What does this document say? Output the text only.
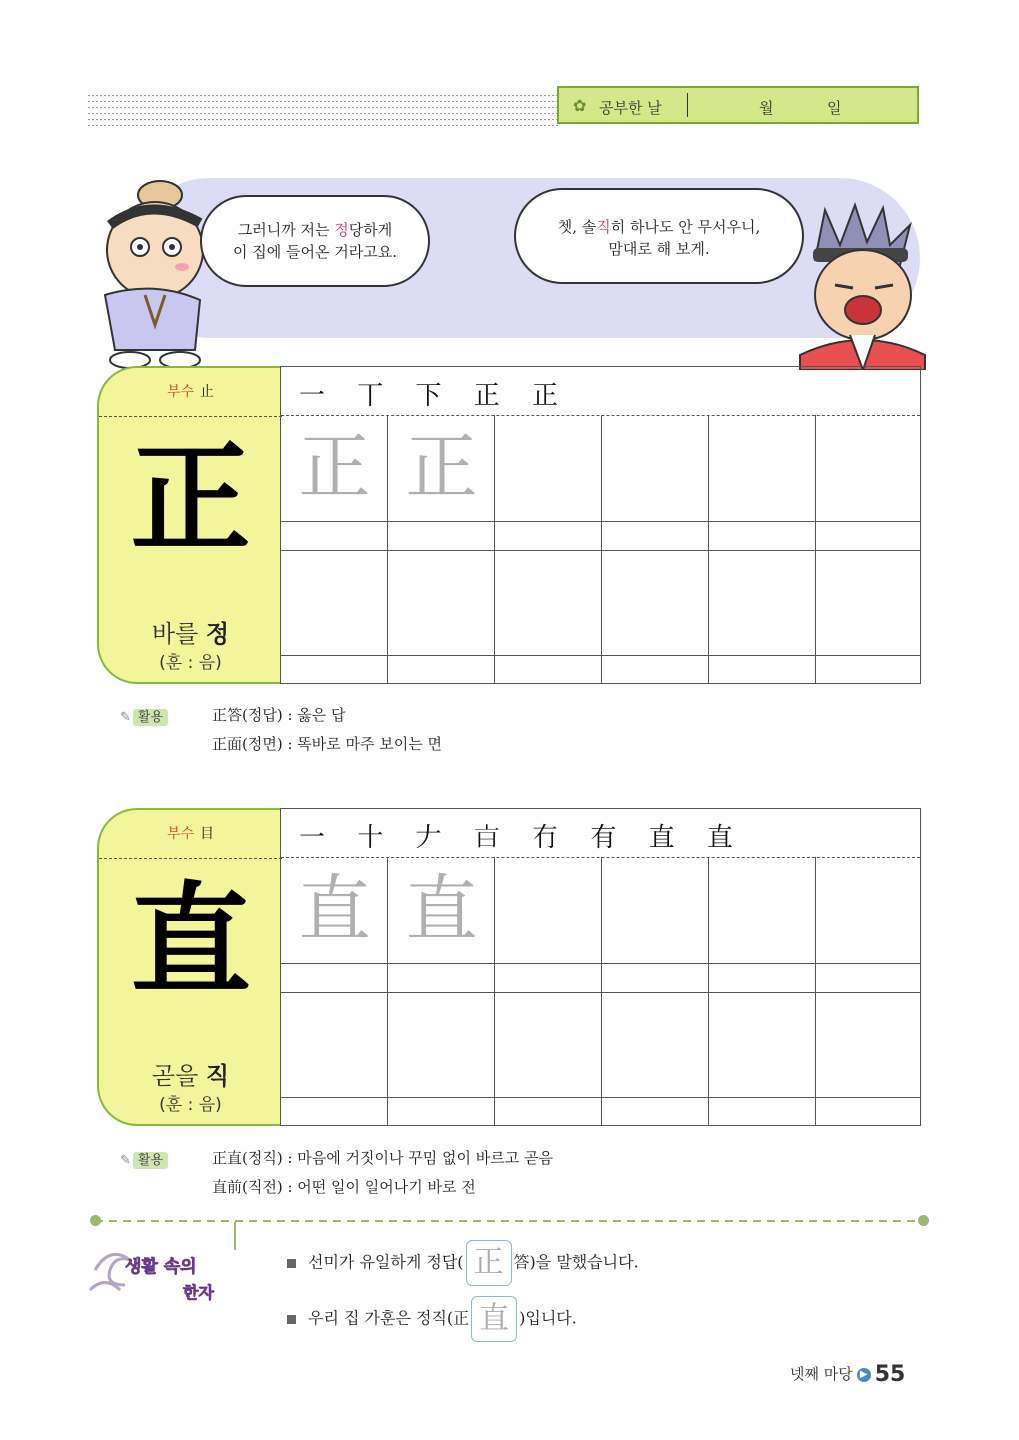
✿ 공부한 날	월	일
그러니까 저는 정당하게
이 집에 들어온 거라고요.
쳇, 솔직히 하나도 안 무서우니,
맘대로 해 보게.
부수 止
正
바를 정
(훈 : 음)
一 丅 下 正 正
正 正
✎ 활용	正答(정답) : 옳은 답
正面(정면) : 똑바로 마주 보이는 면
부수 目
直
곧을 직
(훈 : 음)
一 十 𠂇 𣅀 冇 有 直 直
直 直
✎ 활용	正直(정직) : 마음에 거짓이나 꾸밈 없이 바르고 곧음
直前(직전) : 어떤 일이 일어나기 바로 전
생활 속의
한자
선미가 유일하게 정답( 正 答)을 말했습니다.
우리 집 가훈은 정직(正 直 )입니다.
넷째 마당 ▶ 55
